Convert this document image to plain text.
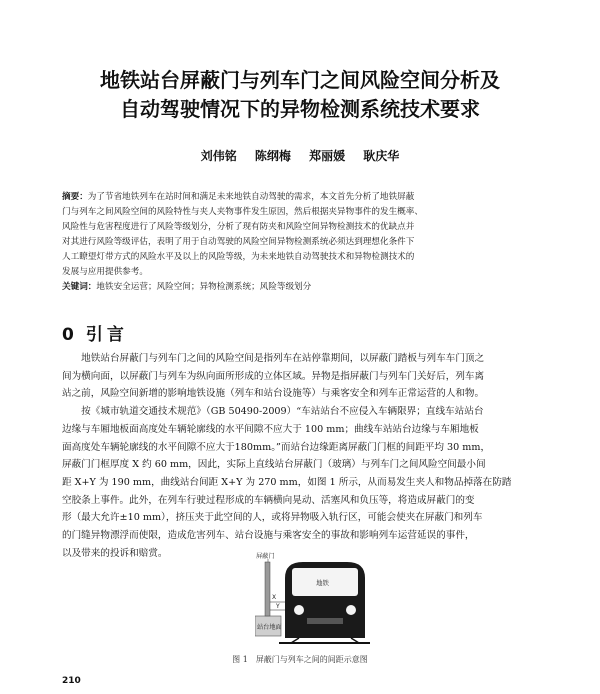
地铁站台屏蔽门与列车门之间风险空间分析及
自动驾驶情况下的异物检测系统技术要求
刘伟铭 陈纲梅 郑丽媛 耿庆华
摘要：为了节省地铁列车在站时间和满足未来地铁自动驾驶的需求，本文首先分析了地铁屏蔽
门与列车之间风险空间的风险特性与夹人夹物事件发生原因，然后根据夹异物事件的发生概率、
风险性与危害程度进行了风险等级划分，分析了现有防夹和风险空间异物检测技术的优缺点并
对其进行风险等级评估，表明了用于自动驾驶的风险空间异物检测系统必须达到理想化条件下
人工瞭望灯带方式的风险水平及以上的风险等级，为未来地铁自动驾驶技术和异物检测技术的
发展与应用提供参考。
关键词：地铁安全运营；风险空间；异物检测系统；风险等级划分
0 引言
　　地铁站台屏蔽门与列车门之间的风险空间是指列车在站停靠期间，以屏蔽门踏板与列车车门顶之
间为横向面，以屏蔽门与列车为纵向面所形成的立体区域。异物是指屏蔽门与列车门关好后，列车离
站之前，风险空间新增的影响地铁设施（列车和站台设施等）与乘客安全和列车正常运营的人和物。
　　按《城市轨道交通技术规范》（GB 50490-2009）“车站站台不应侵入车辆限界；直线车站站台
边缘与车厢地板面高度处车辆轮廓线的水平间隙不应大于 100 mm；曲线车站站台边缘与车厢地板
面高度处车辆轮廓线的水平间隙不应大于180mm。”而站台边缘距离屏蔽门门框的间距平均 30 mm，
屏蔽门门框厚度 X 约 60 mm，因此，实际上直线站台屏蔽门（玻璃）与列车门之间风险空间最小间
距 X+Y 为 190 mm，曲线站台间距 X+Y 为 270 mm，如图 1 所示，从而易发生夹人和物品掉落在防踏
空胶条上事件。此外，在列车行驶过程形成的车辆横向晃动、活塞风和负压等，将造成屏蔽门的变
形（最大允许±10 mm），挤压夹于此空间的人，或将异物吸入轨行区，可能会使夹在屏蔽门和列车
的门缝异物漂浮而使限，造成危害列车、站台设施与乘客安全的事故和影响列车运营延误的事件，
以及带来的投诉和赔赏。
站台地面
屏蔽门
X
Y
地铁
图 1 屏蔽门与列车之间的间距示意图
210
